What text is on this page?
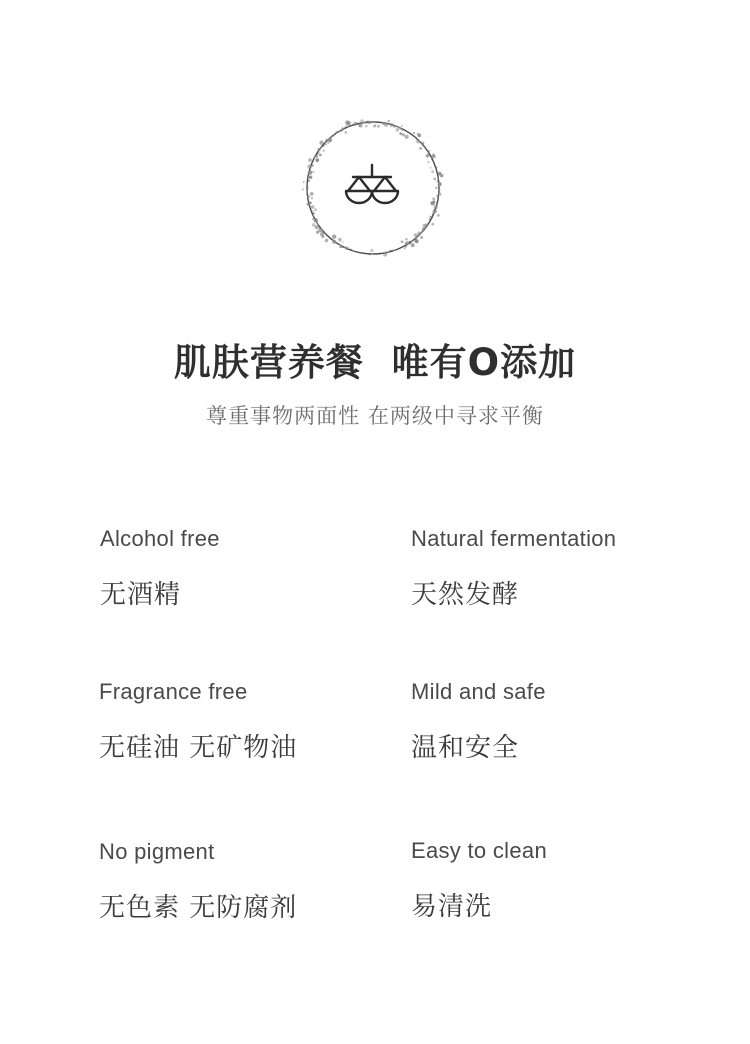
肌肤营养餐  唯有O添加
尊重事物两面性 在两级中寻求平衡
Alcohol free
无酒精
Natural fermentation
天然发酵
Fragrance free
无硅油 无矿物油
Mild and safe
温和安全
No pigment
无色素 无防腐剂
Easy to clean
易清洗
